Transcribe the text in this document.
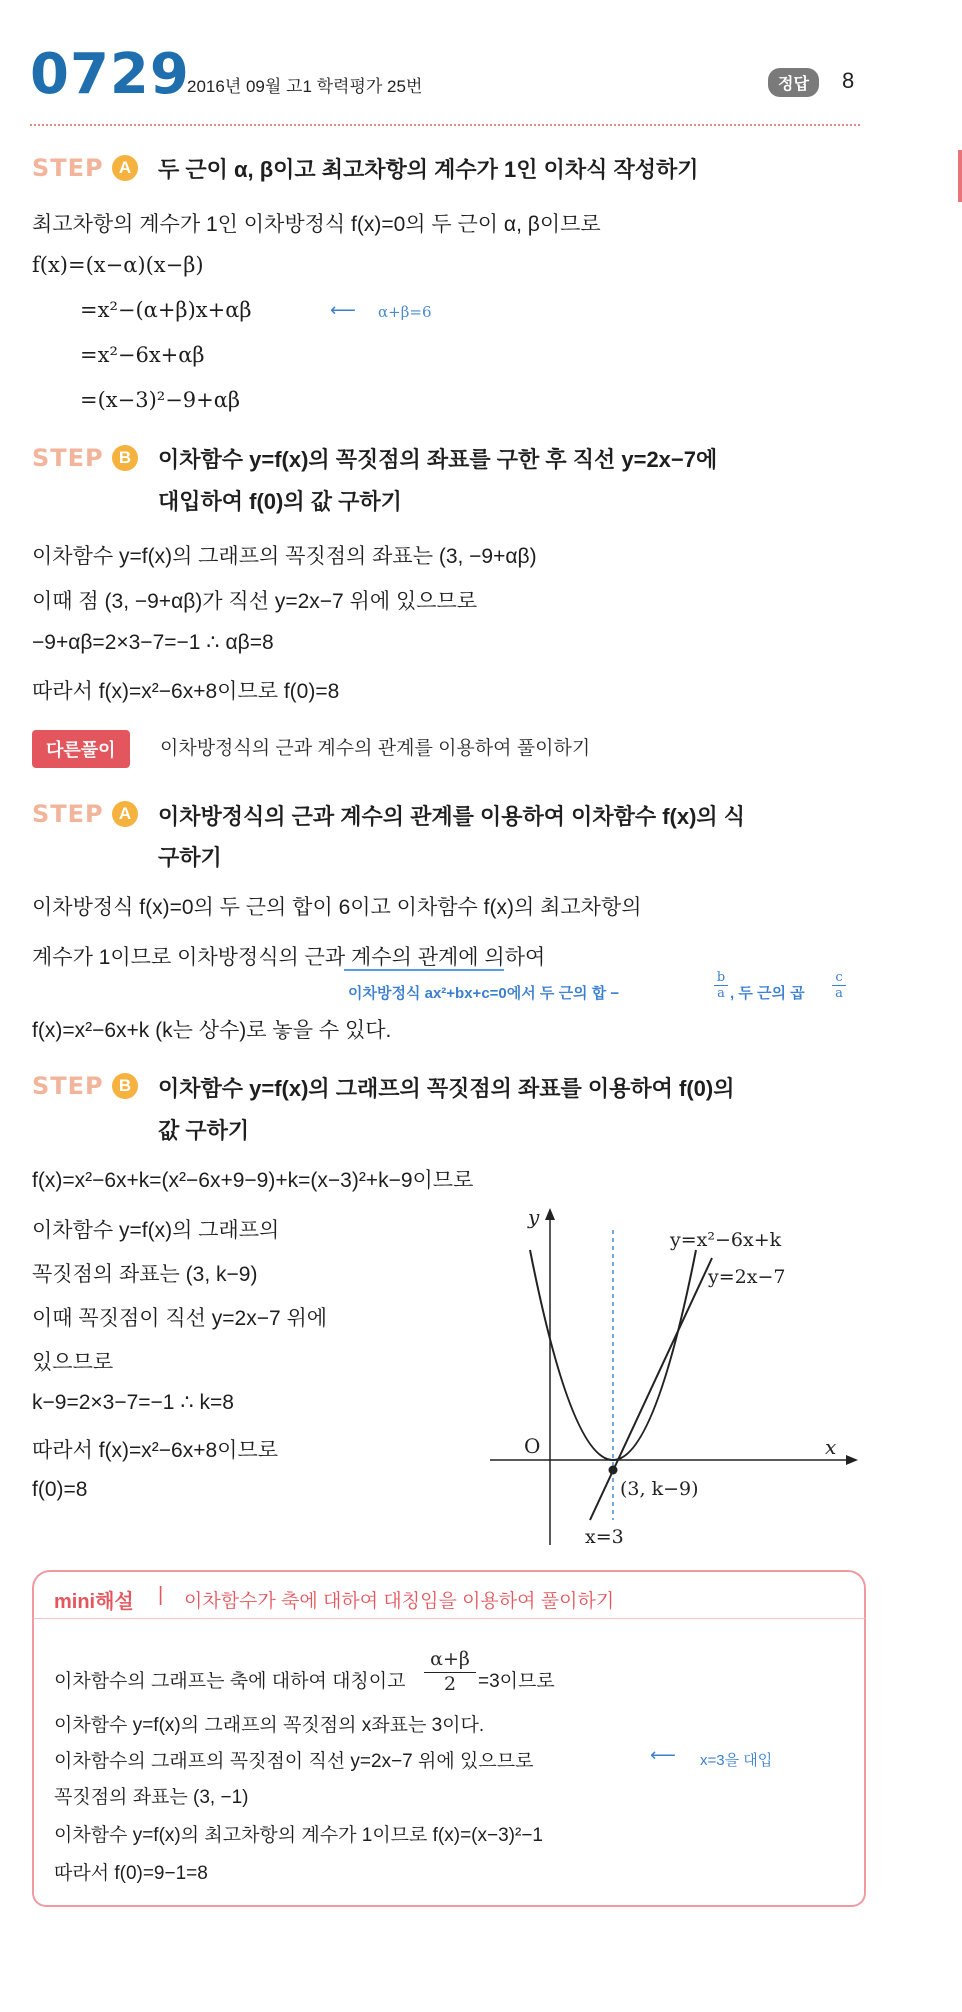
0729
2016년 09월 고1 학력평가 25번	정답	8
STEP A	두 근이 α, β이고 최고차항의 계수가 1인 이차식 작성하기
최고차항의 계수가 1인 이차방정식 f(x)=0의 두 근이 α, β이므로
f(x)=(x−α)(x−β)
=x²−(α+β)x+αβ	⟵ α+β=6
=x²−6x+αβ
=(x−3)²−9+αβ
STEP B	이차함수 y=f(x)의 꼭짓점의 좌표를 구한 후 직선 y=2x−7에
대입하여 f(0)의 값 구하기
이차함수 y=f(x)의 그래프의 꼭짓점의 좌표는 (3, −9+αβ)
이때 점 (3, −9+αβ)가 직선 y=2x−7 위에 있으므로
−9+αβ=2×3−7=−1 ∴ αβ=8
따라서 f(x)=x²−6x+8이므로 f(0)=8
다른풀이	이차방정식의 근과 계수의 관계를 이용하여 풀이하기
STEP A	이차방정식의 근과 계수의 관계를 이용하여 이차함수 f(x)의 식
구하기
이차방정식 f(x)=0의 두 근의 합이 6이고 이차함수 f(x)의 최고차항의
계수가 1이므로 이차방정식의 근과 계수의 관계에 의하여
이차방정식 ax²+bx+c=0에서 두 근의 합 −	$\frac{b}{a}$ , 두 근의 곱 $\frac{c}{a}$
f(x)=x²−6x+k (k는 상수)로 놓을 수 있다.
STEP B	이차함수 y=f(x)의 그래프의 꼭짓점의 좌표를 이용하여 f(0)의
값 구하기
f(x)=x²−6x+k=(x²−6x+9−9)+k=(x−3)²+k−9이므로
이차함수 y=f(x)의 그래프의
꼭짓점의 좌표는 (3, k−9)
이때 꼭짓점이 직선 y=2x−7 위에
있으므로
k−9=2×3−7=−1 ∴ k=8
따라서 f(x)=x²−6x+8이므로
f(0)=8
y
x
O
y=x²−6x+k
y=2x−7
(3, k−9)
x=3
mini해설 | 이차함수가 축에 대하여 대칭임을 이용하여 풀이하기
이차함수의 그래프는 축에 대하여 대칭이고 $\frac{\alpha+\beta}{2} =3$이므로
이차함수 y=f(x)의 그래프의 꼭짓점의 x좌표는 3이다.
이차함수의 그래프의 꼭짓점이 직선 y=2x−7 위에 있으므로	⟵ x=3을 대입
꼭짓점의 좌표는 (3, −1)
이차함수 y=f(x)의 최고차항의 계수가 1이므로 f(x)=(x−3)²−1
따라서 f(0)=9−1=8
